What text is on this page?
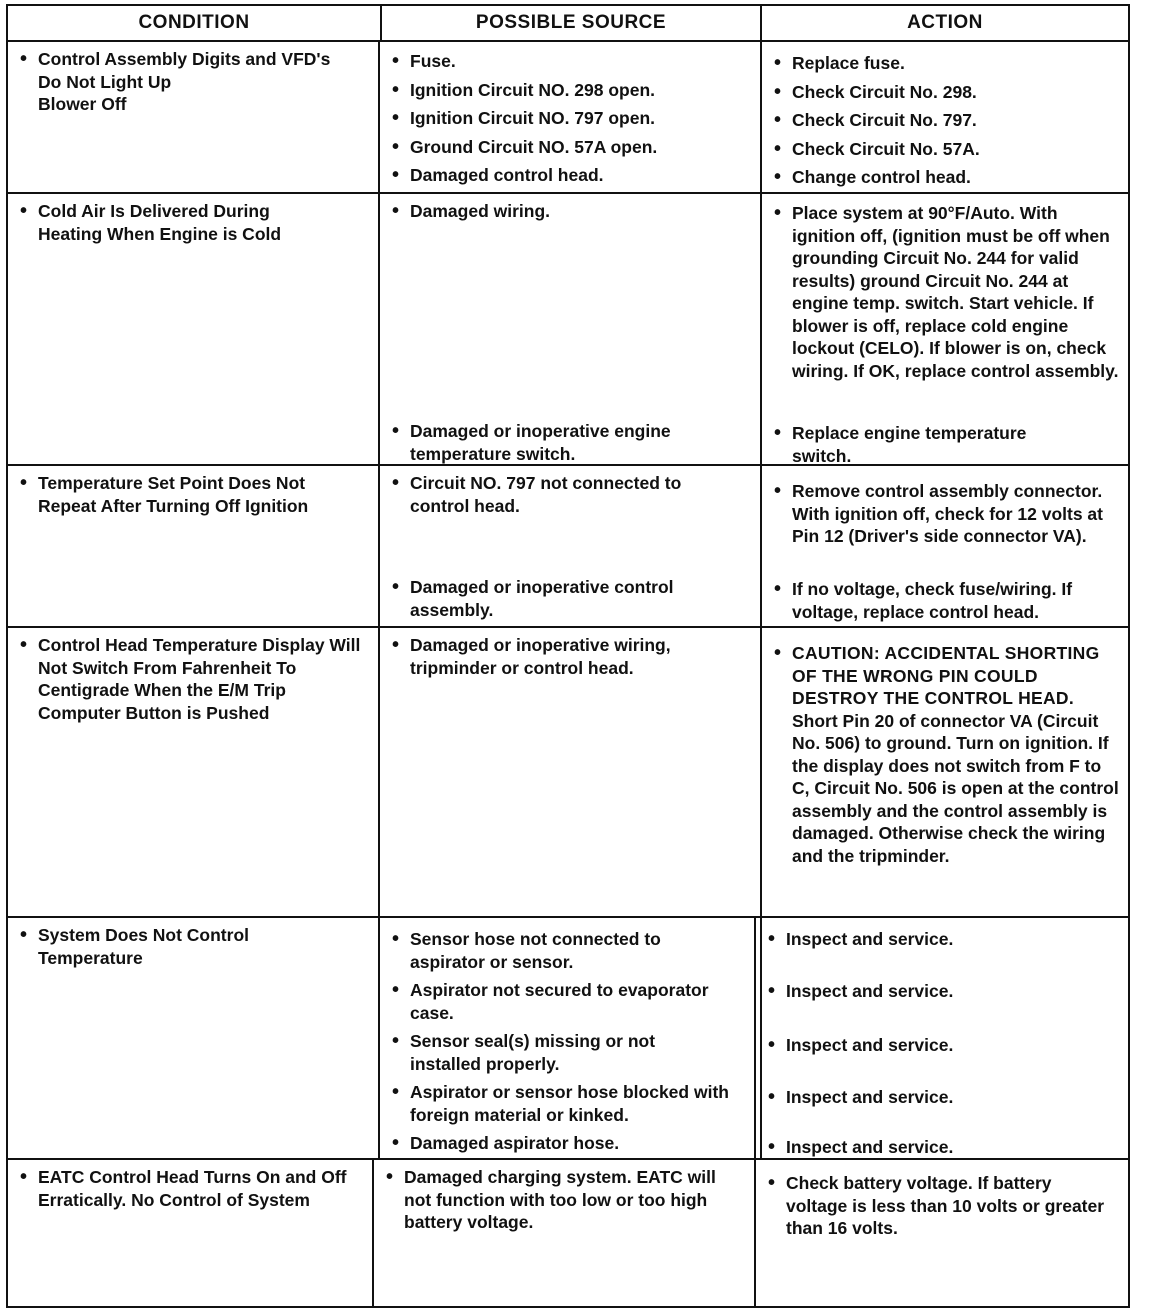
CONDITION	POSSIBLE SOURCE	ACTION
• Control Assembly Digits and VFD's
Do Not Light Up
Blower Off
• Fuse.
• Ignition Circuit NO. 298 open.
• Ignition Circuit NO. 797 open.
• Ground Circuit NO. 57A open.
• Damaged control head.
• Replace fuse.
• Check Circuit No. 298.
• Check Circuit No. 797.
• Check Circuit No. 57A.
• Change control head.
• Cold Air Is Delivered During Heating When Engine is Cold
• Damaged wiring.
• Damaged or inoperative engine temperature switch.
• Place system at 90°F/Auto. With ignition off, (ignition must be off when grounding Circuit No. 244 for valid results) ground Circuit No. 244 at engine temp. switch. Start vehicle. If blower is off, replace cold engine lockout (CELO). If blower is on, check wiring. If OK, replace control assembly.
• Replace engine temperature switch.
• Temperature Set Point Does Not Repeat After Turning Off Ignition
• Circuit NO. 797 not connected to control head.
• Damaged or inoperative control assembly.
• Remove control assembly connector. With ignition off, check for 12 volts at Pin 12 (Driver's side connector VA).
• If no voltage, check fuse/wiring. If voltage, replace control head.
• Control Head Temperature Display Will Not Switch From Fahrenheit To Centigrade When the E/M Trip Computer Button is Pushed
• Damaged or inoperative wiring, tripminder or control head.
• CAUTION: ACCIDENTAL SHORTING OF THE WRONG PIN COULD DESTROY THE CONTROL HEAD. Short Pin 20 of connector VA (Circuit No. 506) to ground. Turn on ignition. If the display does not switch from F to C, Circuit No. 506 is open at the control assembly and the control assembly is damaged. Otherwise check the wiring and the tripminder.
• System Does Not Control Temperature
• Sensor hose not connected to aspirator or sensor.
• Aspirator not secured to evaporator case.
• Sensor seal(s) missing or not installed properly.
• Aspirator or sensor hose blocked with foreign material or kinked.
• Damaged aspirator hose.
• Inspect and service.
• Inspect and service.
• Inspect and service.
• Inspect and service.
• Inspect and service.
• EATC Control Head Turns On and Off Erratically. No Control of System
• Damaged charging system. EATC will not function with too low or too high battery voltage.
• Check battery voltage. If battery voltage is less than 10 volts or greater than 16 volts.
